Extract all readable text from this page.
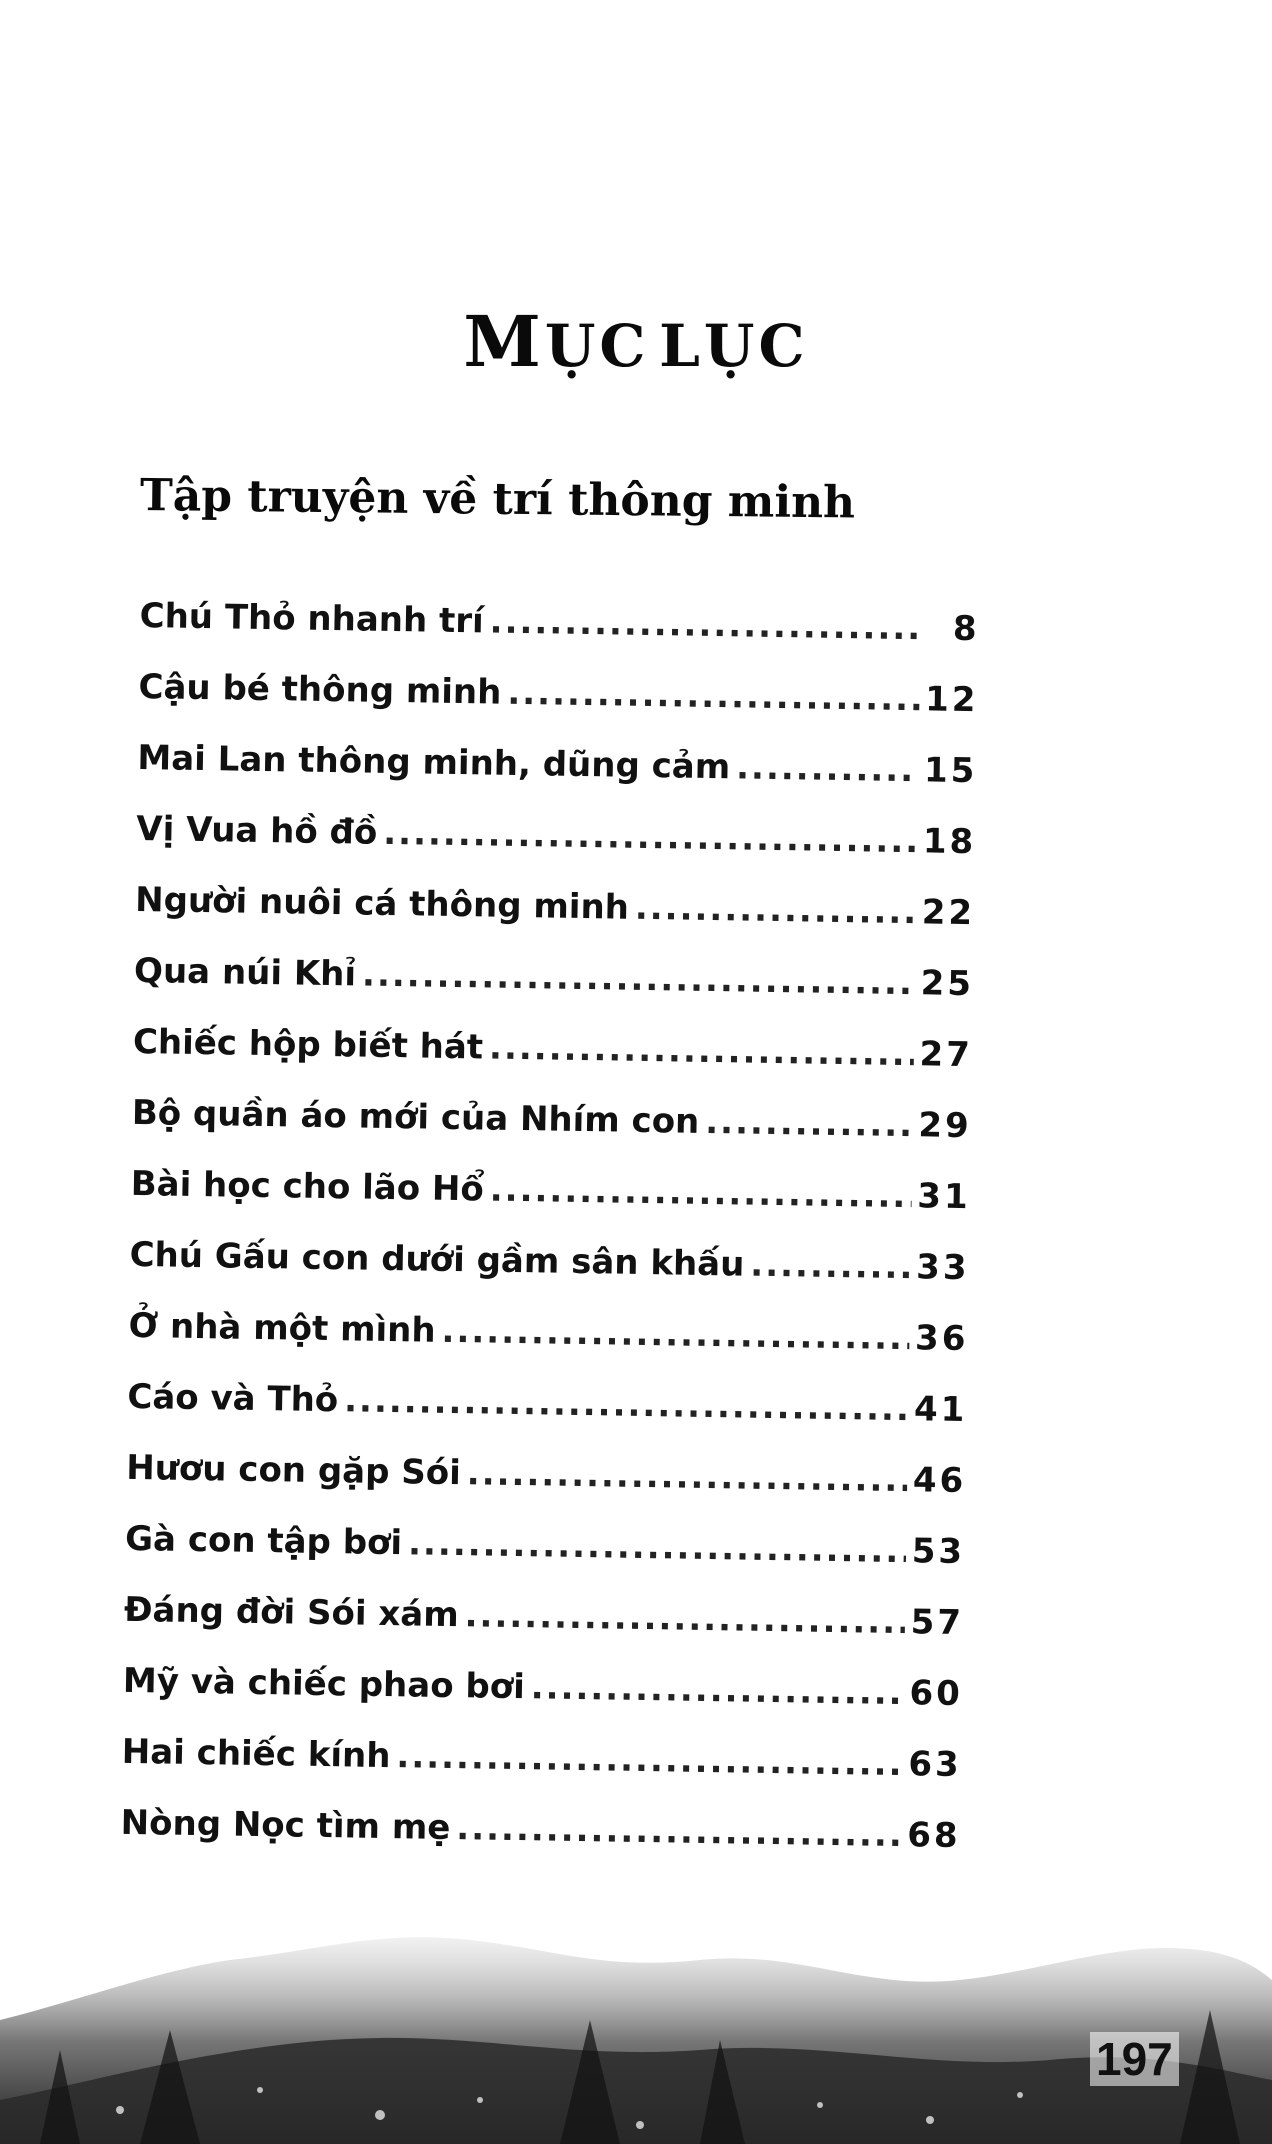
MỤC LỤC
Tập truyện về trí thông minh
Chú Thỏ nhanh trí .....	8
Cậu bé thông minh .....	12
Mai Lan thông minh, dũng cảm .....	15
Vị Vua hồ đồ .....	18
Người nuôi cá thông minh .....	22
Qua núi Khỉ .....	25
Chiếc hộp biết hát .....	27
Bộ quần áo mới của Nhím con .....	29
Bài học cho lão Hổ .....	31
Chú Gấu con dưới gầm sân khấu .....	33
Ở nhà một mình .....	36
Cáo và Thỏ .....	41
Hươu con gặp Sói .....	46
Gà con tập bơi .....	53
Đáng đời Sói xám .....	57
Mỹ và chiếc phao bơi .....	60
Hai chiếc kính .....	63
Nòng Nọc tìm mẹ .....	68
197
